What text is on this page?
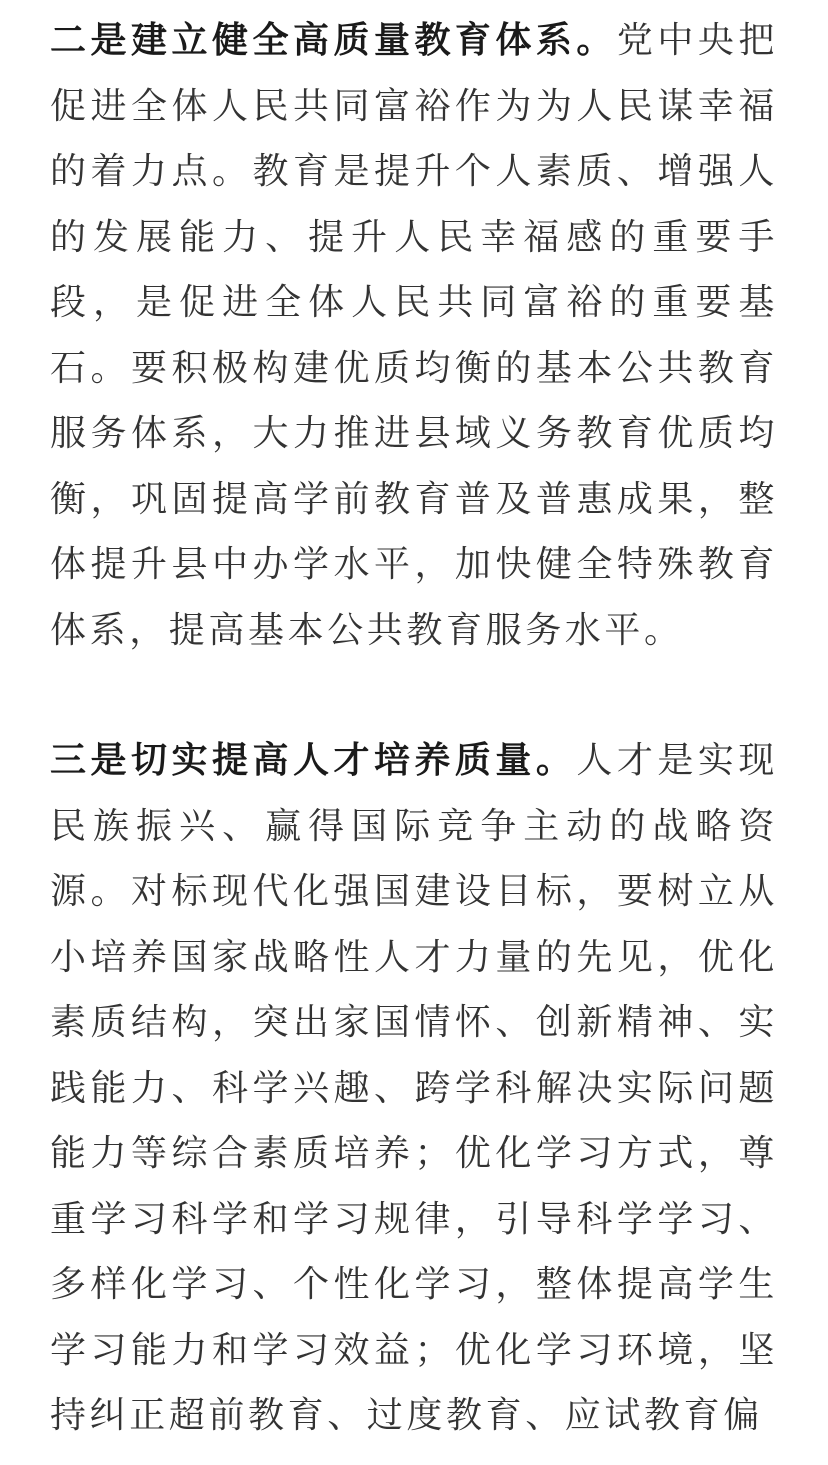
二是建立健全高质量教育体系。党中央把促进全体人民共同富裕作为为人民谋幸福的着力点。教育是提升个人素质、增强人的发展能力、提升人民幸福感的重要手段，是促进全体人民共同富裕的重要基石。要积极构建优质均衡的基本公共教育服务体系，大力推进县域义务教育优质均衡，巩固提高学前教育普及普惠成果，整体提升县中办学水平，加快健全特殊教育体系，提高基本公共教育服务水平。

三是切实提高人才培养质量。人才是实现民族振兴、赢得国际竞争主动的战略资源。对标现代化强国建设目标，要树立从小培养国家战略性人才力量的先见，优化素质结构，突出家国情怀、创新精神、实践能力、科学兴趣、跨学科解决实际问题能力等综合素质培养；优化学习方式，尊重学习科学和学习规律，引导科学学习、多样化学习、个性化学习，整体提高学生学习能力和学习效益；优化学习环境，坚持纠正超前教育、过度教育、应试教育偏
